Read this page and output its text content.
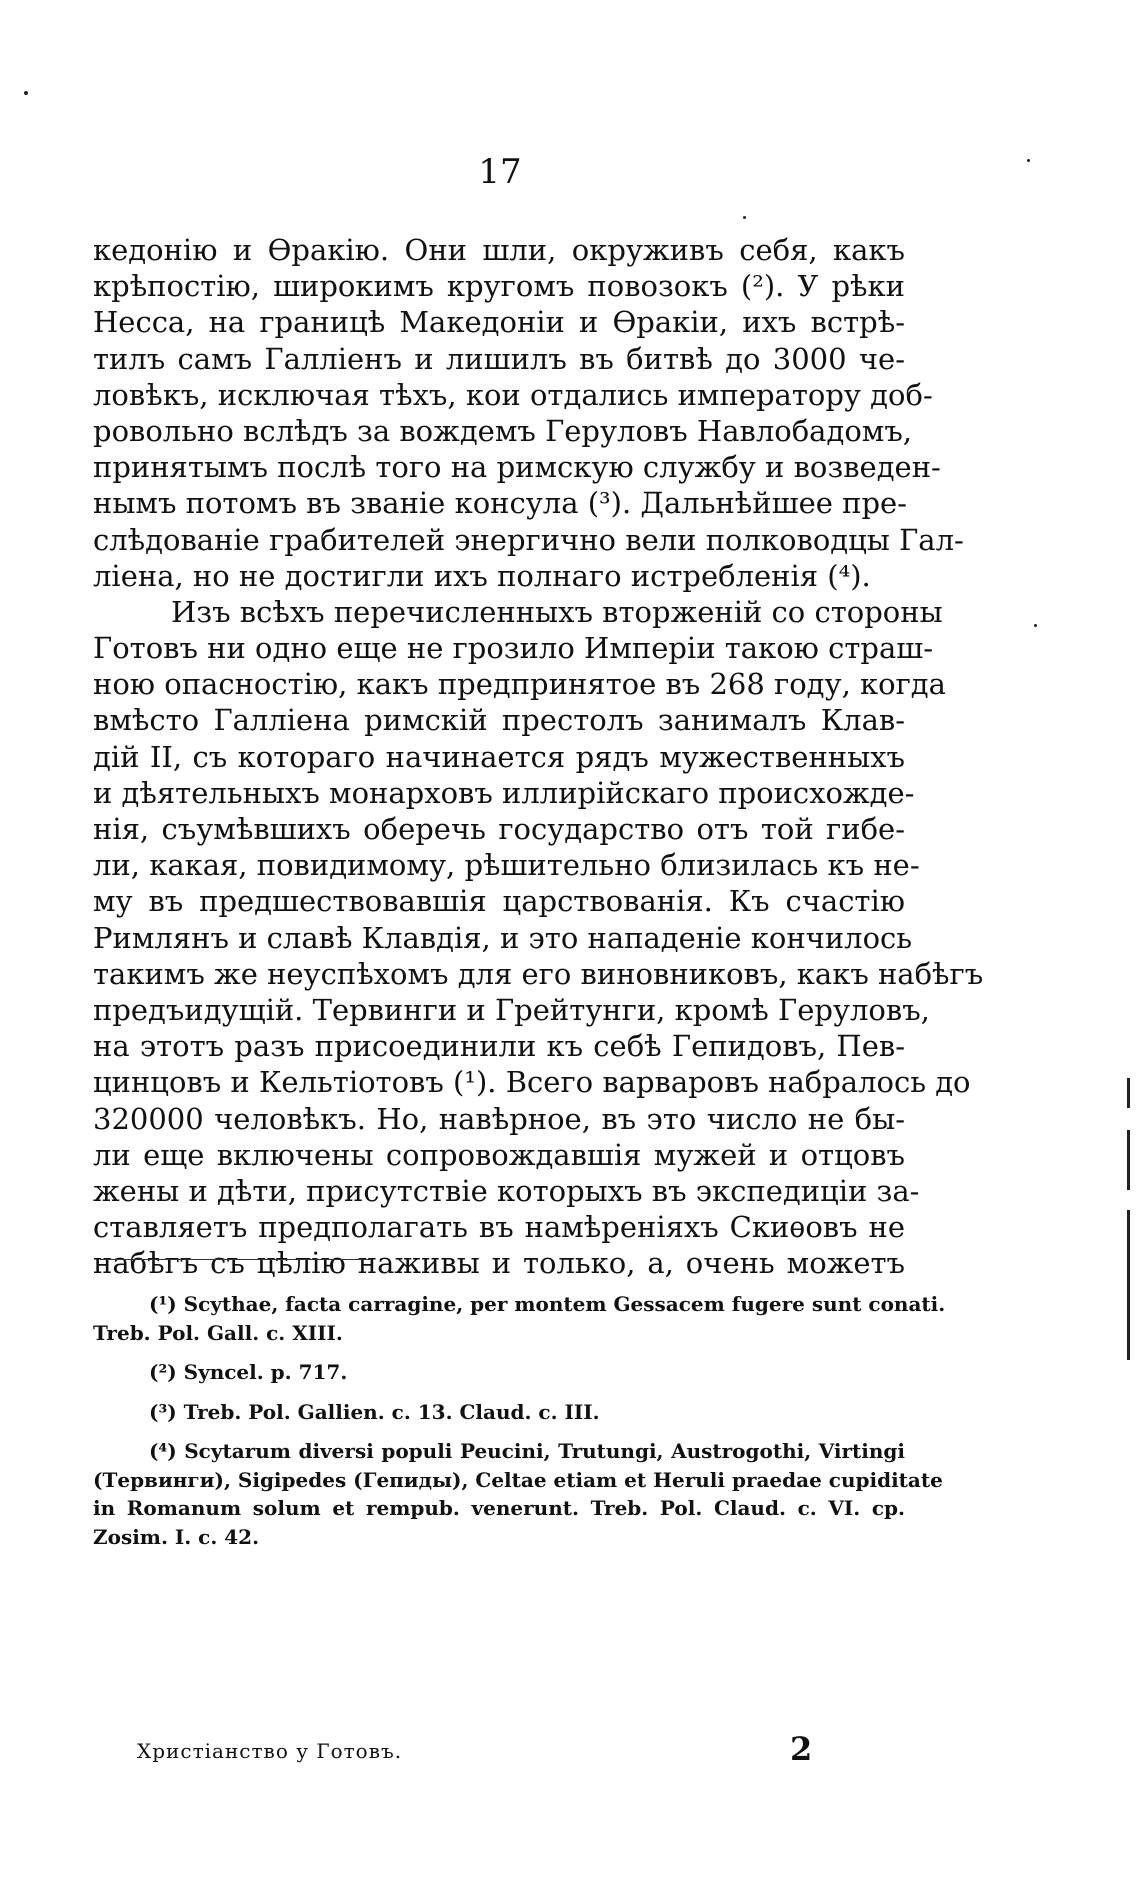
17
кедонію и Ѳракію. Они шли, окруживъ себя, какъ
крѣпостію, широкимъ кругомъ повозокъ (²). У рѣки
Несса, на границѣ Македоніи и Ѳракіи, ихъ встрѣ-
тилъ самъ Галліенъ и лишилъ въ битвѣ до 3000 че-
ловѣкъ, исключая тѣхъ, кои отдались императору доб-
ровольно вслѣдъ за вождемъ Геруловъ Навлобадомъ,
принятымъ послѣ того на римскую службу и возведен-
нымъ потомъ въ званіе консула (³). Дальнѣйшее пре-
слѣдованіе грабителей энергично вели полководцы Гал-
ліена, но не достигли ихъ полнаго истребленія (⁴).
Изъ всѣхъ перечисленныхъ вторженій со стороны
Готовъ ни одно еще не грозило Имперіи такою страш-
ною опасностію, какъ предпринятое въ 268 году, когда
вмѣсто Галліена римскій престолъ занималъ Клав-
дій II, съ котораго начинается рядъ мужественныхъ
и дѣятельныхъ монарховъ иллирійскаго происхожде-
нія, съумѣвшихъ оберечь государство отъ той гибе-
ли, какая, повидимому, рѣшительно близилась къ не-
му въ предшествовавшія царствованія. Къ счастію
Римлянъ и славѣ Клавдія, и это нападеніе кончилось
такимъ же неуспѣхомъ для его виновниковъ, какъ набѣгъ
предъидущій. Тервинги и Грейтунги, кромѣ Геруловъ,
на этотъ разъ присоединили къ себѣ Гепидовъ, Пев-
цинцовъ и Кельтіотовъ (¹). Всего варваровъ набралось до
320000 человѣкъ. Но, навѣрное, въ это число не бы-
ли еще включены сопровождавшія мужей и отцовъ
жены и дѣти, присутствіе которыхъ въ экспедиціи за-
ставляетъ предполагать въ намѣреніяхъ Скиѳовъ не
набѣгъ съ цѣлію наживы и только, а, очень можетъ
(¹) Scythae, facta carragine, per montem Gessacem fugere sunt conati.
Treb. Pol. Gall. c. XIII.
(²) Syncel. p. 717.
(³) Treb. Pol. Gallien. c. 13. Claud. c. III.
(⁴) Scytarum diversi populi Peucini, Trutungi, Austrogothi, Virtingi
(Тервинги), Sigipedes (Гепиды), Celtae etiam et Heruli praedae cupiditate
in Romanum solum et rempub. venerunt. Treb. Pol. Claud. c. VI. cp.
Zosim. I. c. 42.
Христіанство у Готовъ.	2
